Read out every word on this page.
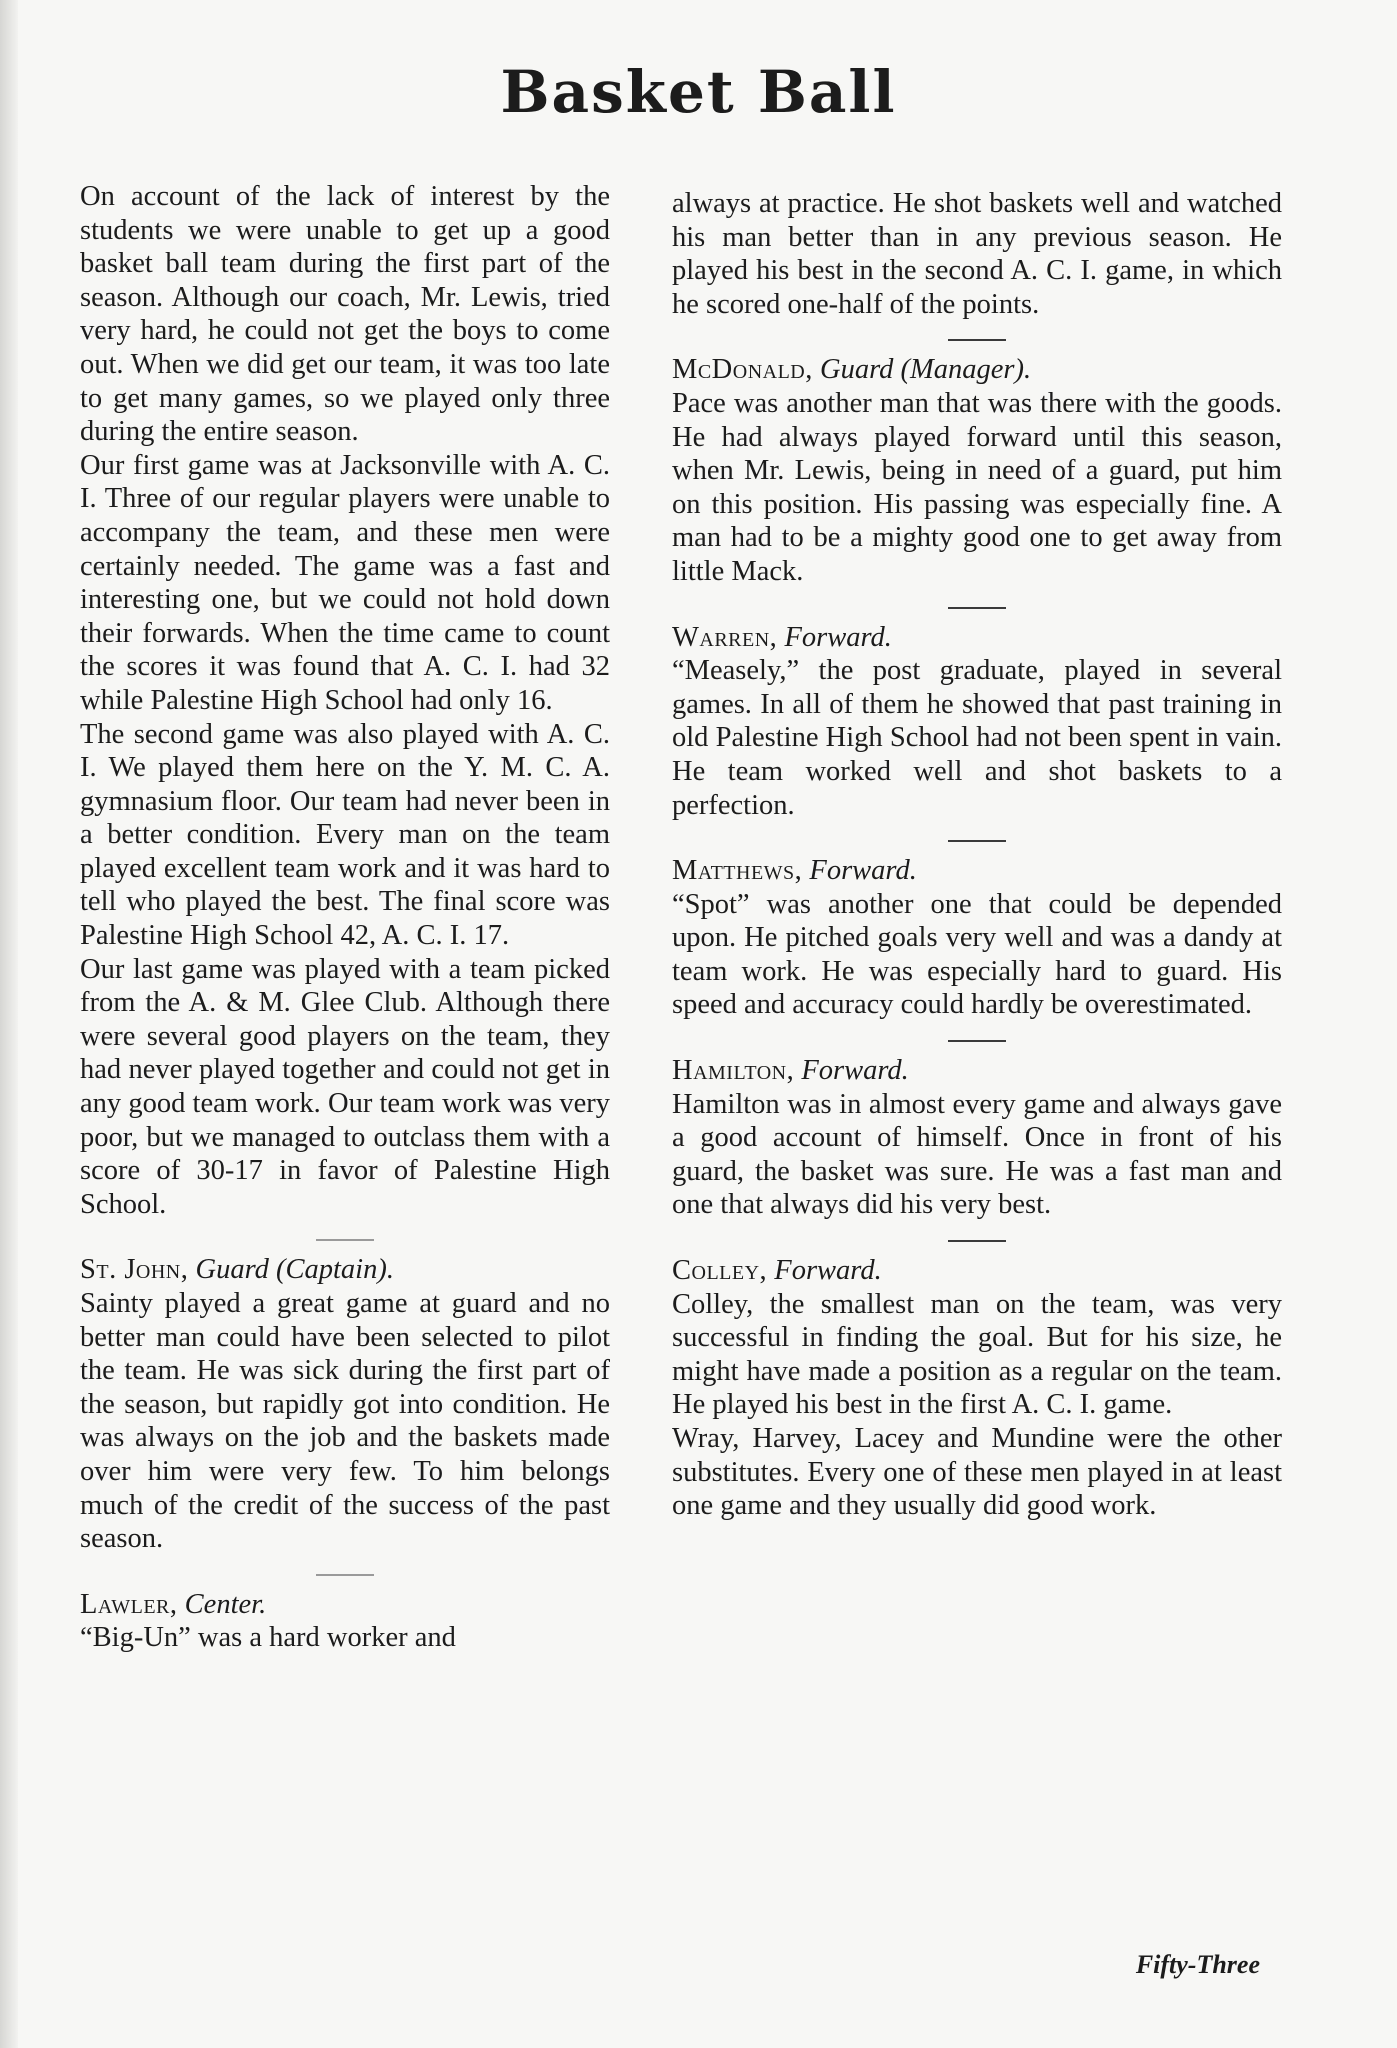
Basket Ball

On account of the lack of interest by the students we were unable to get up a good basket ball team during the first part of the season. Although our coach, Mr. Lewis, tried very hard, he could not get the boys to come out. When we did get our team, it was too late to get many games, so we played only three during the entire season.

Our first game was at Jacksonville with A. C. I. Three of our regular players were unable to accompany the team, and these men were certainly needed. The game was a fast and interesting one, but we could not hold down their forwards. When the time came to count the scores it was found that A. C. I. had 32 while Palestine High School had only 16.

The second game was also played with A. C. I. We played them here on the Y. M. C. A. gymnasium floor. Our team had never been in a better condition. Every man on the team played excellent team work and it was hard to tell who played the best. The final score was Palestine High School 42, A. C. I. 17.

Our last game was played with a team picked from the A. & M. Glee Club. Although there were several good players on the team, they had never played together and could not get in any good team work. Our team work was very poor, but we managed to outclass them with a score of 30-17 in favor of Palestine High School.

St. John, Guard (Captain).

Sainty played a great game at guard and no better man could have been selected to pilot the team. He was sick during the first part of the season, but rapidly got into condition. He was always on the job and the baskets made over him were very few. To him belongs much of the credit of the success of the past season.

Lawler, Center.

“Big-Un” was a hard worker and

always at practice. He shot baskets well and watched his man better than in any previous season. He played his best in the second A. C. I. game, in which he scored one-half of the points.

McDonald, Guard (Manager).

Pace was another man that was there with the goods. He had always played forward until this season, when Mr. Lewis, being in need of a guard, put him on this position. His passing was especially fine. A man had to be a mighty good one to get away from little Mack.

Warren, Forward.

“Measely,” the post graduate, played in several games. In all of them he showed that past training in old Palestine High School had not been spent in vain. He team worked well and shot baskets to a perfection.

Matthews, Forward.

“Spot” was another one that could be depended upon. He pitched goals very well and was a dandy at team work. He was especially hard to guard. His speed and accuracy could hardly be overestimated.

Hamilton, Forward.

Hamilton was in almost every game and always gave a good account of himself. Once in front of his guard, the basket was sure. He was a fast man and one that always did his very best.

Colley, Forward.

Colley, the smallest man on the team, was very successful in finding the goal. But for his size, he might have made a position as a regular on the team. He played his best in the first A. C. I. game.

Wray, Harvey, Lacey and Mundine were the other substitutes. Every one of these men played in at least one game and they usually did good work.

Fifty-Three
